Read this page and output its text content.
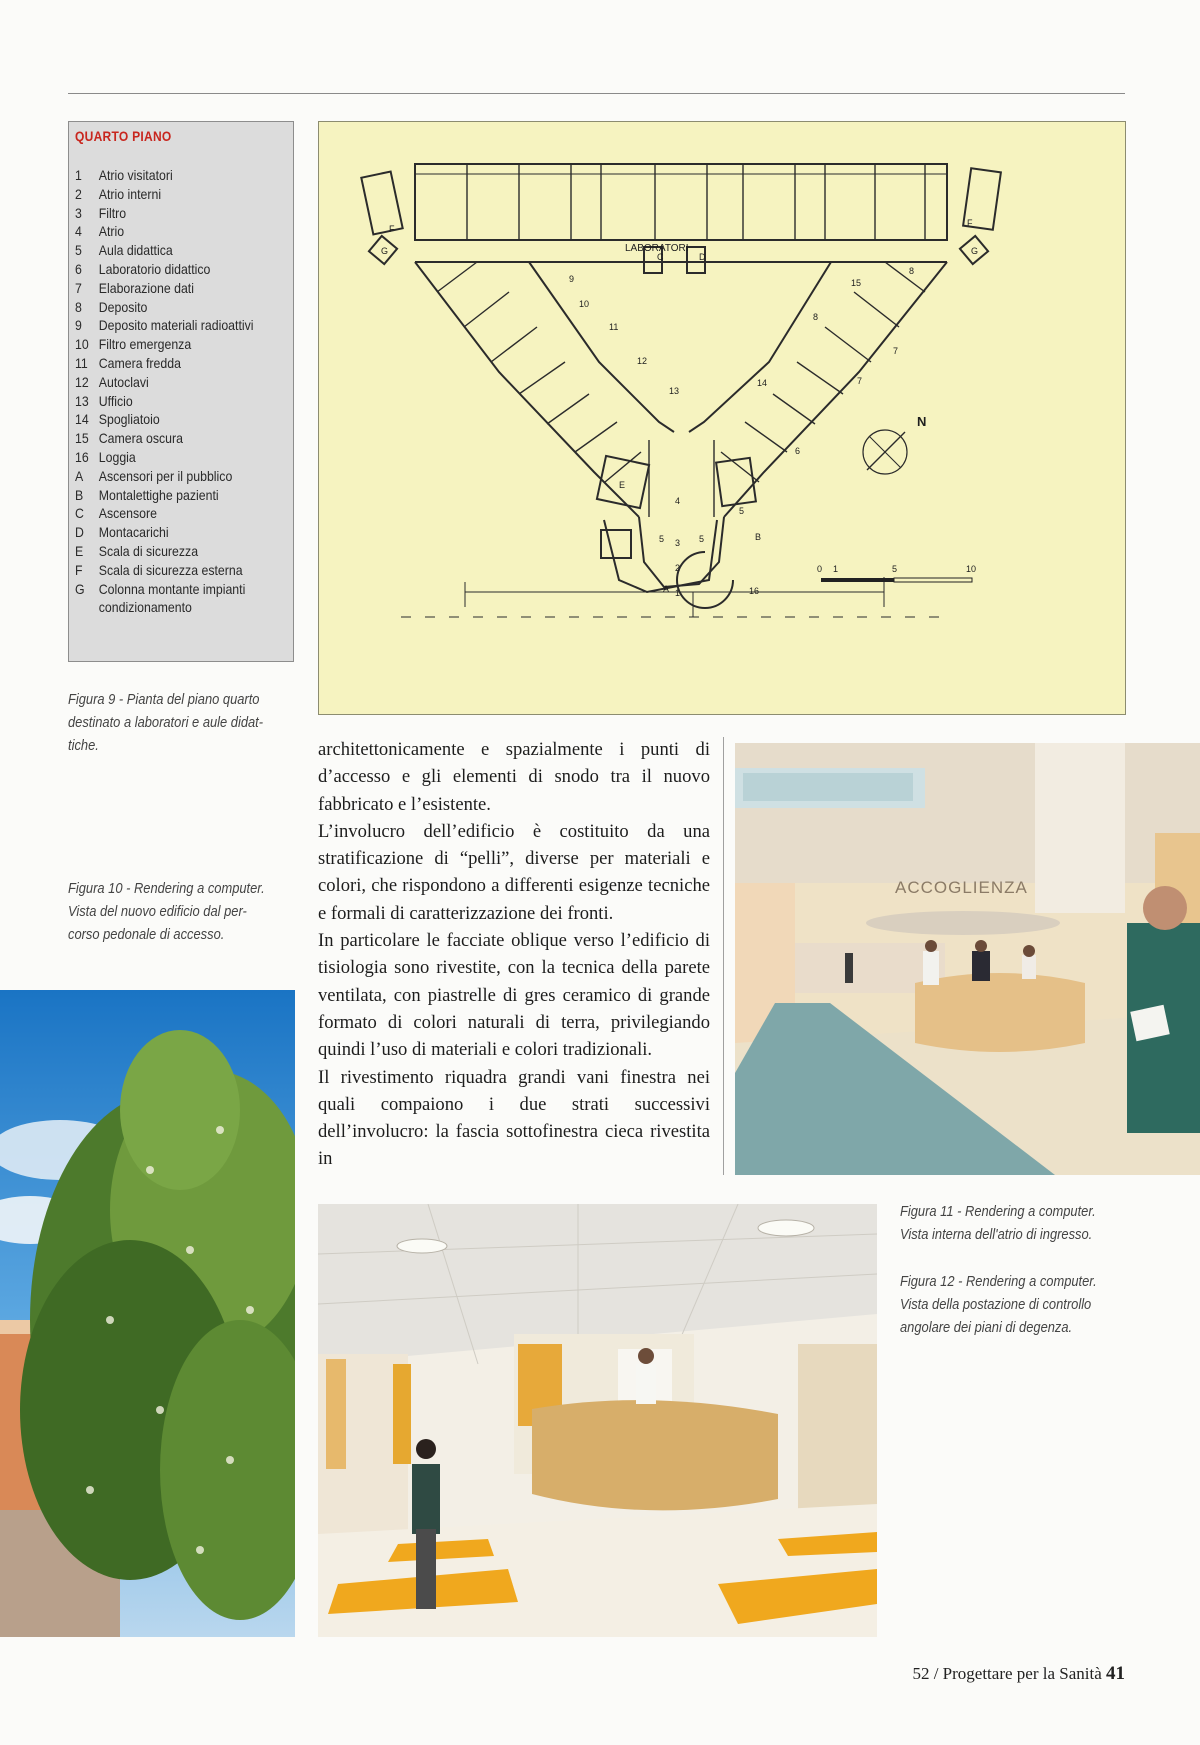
QUARTO PIANO
1	Atrio visitatori
2	Atrio interni
3	Filtro
4	Atrio
5	Aula didattica
6	Laboratorio didattico
7	Elaborazione dati
8	Deposito
9	Deposito materiali radioattivi
10 Filtro emergenza
11 Camera fredda
12 Autoclavi
13 Ufficio
14 Spogliatoio
15 Camera oscura
16 Loggia
A	Ascensori per il pubblico
B	Montalettighe pazienti
C	Ascensore
D	Montacarichi
E	Scala di sicurezza
F	Scala di sicurezza esterna
G	Colonna montante impianti
condizionamento
Figura 9 - Pianta del piano quarto
destinato a laboratori e aule didat-
tiche.
Figura 10 - Rendering a computer.
Vista del nuovo edificio dal per-
corso pedonale di accesso.
Figura 11 - Rendering a computer.
Vista interna dell'atrio di ingresso.
Figura 12 - Rendering a computer.
Vista della postazione di controllo
angolare dei piani di degenza.
LABORATORI
N
0 1	5	10
1
2
3
4
5
5	5
6
7
7
8
8
9
10
11
12
13
14
15
16
A
B
C	D
E
F
F
G	G

architettonicamente e spazialmente i punti di d’accesso e gli elementi di snodo tra il nuovo fabbricato e l’esistente.

L’involucro dell’edificio è costituito da una stratificazione di “pelli”, diverse per materiali e colori, che rispondono a differenti esigenze tecniche e formali di caratterizzazione dei fronti.

In particolare le facciate oblique verso l’edificio di tisiologia sono rivestite, con la tecnica della parete ventilata, con piastrelle di gres ceramico di grande formato di colori naturali di terra, privilegiando quindi l’uso di materiali e colori tradizionali.

Il rivestimento riquadra grandi vani finestra nei quali compaiono i due strati successivi dell’involucro: la fascia sottofinestra cieca rivestita in

ACCOGLIENZA
52 / Progettare per la Sanità 41
